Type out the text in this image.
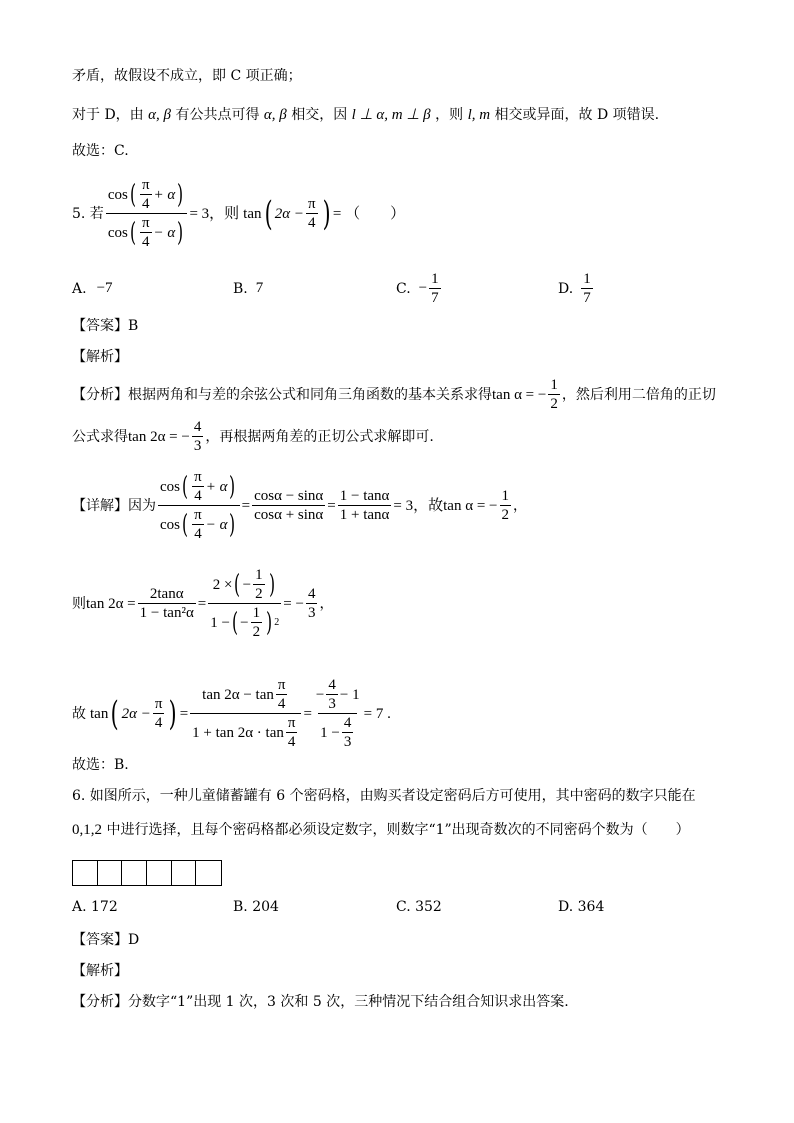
矛盾，故假设不成立，即 C 项正确；
对于 D，由 α, β 有公共点可得 α, β 相交，因 l ⊥ α, m ⊥ β ，则 l, m 相交或异面，故 D 项错误.
故选：C.
5. 若 $\frac{\cos ( \frac{\pi}{4} + \alpha )}{\cos ( \frac{\pi}{4} - \alpha )} = 3$，则 tan ( $2\alpha - \frac{\pi}{4}$ ) = （　　）
A. −7	B. 7	C. − $\frac{1}{7}$	D. $\frac{1}{7}$
【答案】B
【解析】
【分析】根据两角和与差的余弦公式和同角三角函数的基本关系求得 tan α = − $\frac{1}{2}$ ，然后利用二倍角的正切
公式求得 tan 2α = − $\frac{4}{3}$ ，再根据两角差的正切公式求解即可.
【详解】因为 $\frac{\cos ( \frac{\pi}{4} + \alpha )}{\cos ( \frac{\pi}{4} - \alpha )} = \frac{\cos\alpha - \sin\alpha}{\cos\alpha + \sin\alpha} = \frac{1 - \tan\alpha}{1 + \tan\alpha} = 3$，故 tan α = − $\frac{1}{2}$ ，
则 $\tan 2\alpha = \frac{2\tan\alpha}{\text{1 − tan²α}} = \frac{2 \times ( - \frac{1}{2} )}{1 - ( - \frac{1}{2} ) 2}$ = − $\frac{4}{3}$ ，
故 tan ( $2\alpha - \frac{\pi}{4}$ ) = $\frac{\tan 2\alpha - \tan \frac{\pi}{4}}{1 + \tan 2\alpha \cdot \tan \frac{\pi}{4}} = \frac{- \frac{4}{3} - 1}{1 - \frac{4}{3}} = 7$ .
故选：B.
6. 如图所示，一种儿童储蓄罐有 6 个密码格，由购买者设定密码后方可使用，其中密码的数字只能在
0,1,2 中进行选择，且每个密码格都必须设定数字，则数字“1”出现奇数次的不同密码个数为（　　）
A. 172	B. 204	C. 352	D. 364
【答案】D
【解析】
【分析】分数字“1”出现 1 次，3 次和 5 次，三种情况下结合组合知识求出答案.
